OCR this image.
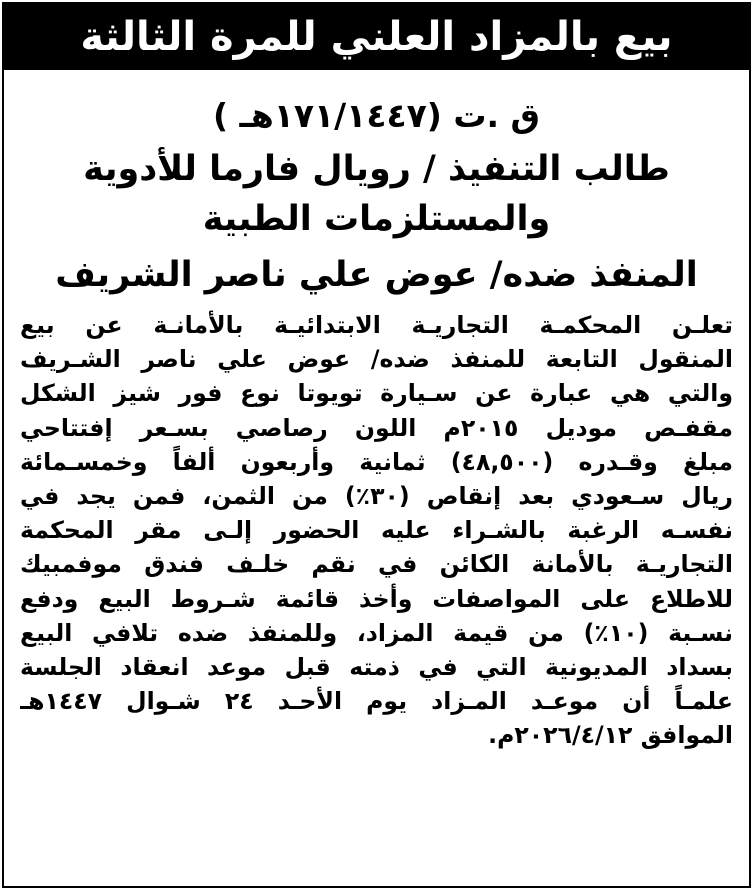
بيع بالمزاد العلني للمرة الثالثة
ق .ت (١٧١/١٤٤٧هـ )
طالب التنفيذ / رويال فارما للأدوية
والمستلزمات الطبية
المنفذ ضده/ عوض علي ناصر الشريف
تعلـن المحكمـة التجاريـة الابتدائيـة بالأمانـة عن بيع
المنقول التابعة للمنفذ ضده/ عوض علي ناصر الشـريف
والتي هي عبارة عن سـيارة تويوتا نوع فور شيز الشكل
مقفـص موديل ٢٠١٥م اللون رصاصي بسـعر إفتتاحي
مبلغ وقـدره (٤٨,٥٠٠) ثمانية وأربعون ألفاً وخمسـمائة
ريال سـعودي بعد إنقاص (٣٠٪) من الثمن، فمن يجد في
نفسـه الرغبة بالشـراء عليه الحضور إلـى مقر المحكمة
التجاريـة بالأمانة الكائن في نقم خلـف فندق موفمبيك
للاطلاع على المواصفات وأخذ قائمة شـروط البيع ودفع
نسـبة (١٠٪) من قيمة المزاد، وللمنفذ ضده تلافي البيع
بسداد المديونية التي في ذمته قبل موعد انعقاد الجلسة
علمـاً أن موعـد المـزاد يوم الأحـد ٢٤ شـوال ١٤٤٧هـ
الموافق ٢٠٢٦/٤/١٢م.
